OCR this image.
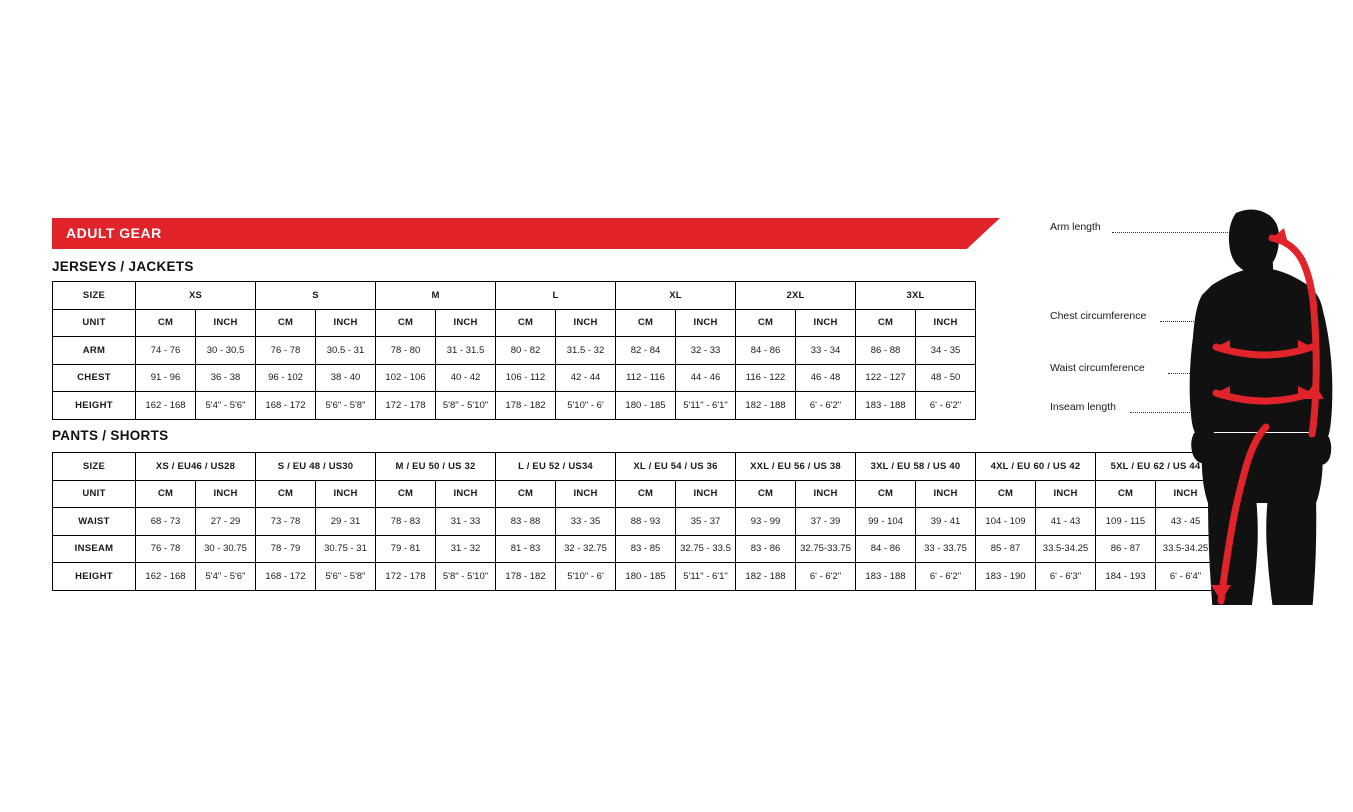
ADULT GEAR
JERSEYS / JACKETS
SIZE	XS		S		M		L		XL		2XL		3XL	
UNIT	CM	INCH	CM	INCH	CM	INCH	CM	INCH	CM	INCH	CM	INCH	CM	INCH
ARM	74 - 76	30 - 30.5	76 - 78	30.5 - 31	78 - 80	31 - 31.5	80 - 82	31.5 - 32	82 - 84	32 - 33	84 - 86	33 - 34	86 - 88	34 - 35
CHEST	91 - 96	36 - 38	96 - 102	38 - 40	102 - 106	40 - 42	106 - 112	42 - 44	112 - 116	44 - 46	116 - 122	46 - 48	122 - 127	48 - 50
HEIGHT	162 - 168	5'4" - 5'6"	168 - 172	5'6" - 5'8"	172 - 178	5'8" - 5'10"	178 - 182	5'10" - 6'	180 - 185	5'11" - 6'1"	182 - 188	6' - 6'2"	183 - 188	6' - 6'2"
PANTS / SHORTS
SIZE	XS / EU46 / US28		S / EU 48 / US30		M / EU 50 / US 32		L / EU 52 / US34		XL / EU 54 / US 36		XXL / EU 56 / US 38		3XL / EU 58 / US 40		4XL / EU 60 / US 42		5XL / EU 62 / US 44	
UNIT	CM	INCH	CM	INCH	CM	INCH	CM	INCH	CM	INCH	CM	INCH	CM	INCH	CM	INCH	CM	INCH
WAIST	68 - 73	27 - 29	73 - 78	29 - 31	78 - 83	31 - 33	83 - 88	33 - 35	88 - 93	35 - 37	93 - 99	37 - 39	99 - 104	39 - 41	104 - 109	41 - 43	109 - 115	43 - 45
INSEAM	76 - 78	30 - 30.75	78 - 79	30.75 - 31	79 - 81	31 - 32	81 - 83	32 - 32.75	83 - 85	32.75 - 33.5	83 - 86	32.75-33.75	84 - 86	33 - 33.75	85 - 87	33.5-34.25	86 - 87	33.5-34.25
HEIGHT	162 - 168	5'4" - 5'6"	168 - 172	5'6" - 5'8"	172 - 178	5'8" - 5'10"	178 - 182	5'10" - 6'	180 - 185	5'11" - 6'1"	182 - 188	6' - 6'2"	183 - 188	6' - 6'2"	183 - 190	6' - 6'3"	184 - 193	6' - 6'4"
Arm length
Chest circumference
Waist circumference
Inseam length
